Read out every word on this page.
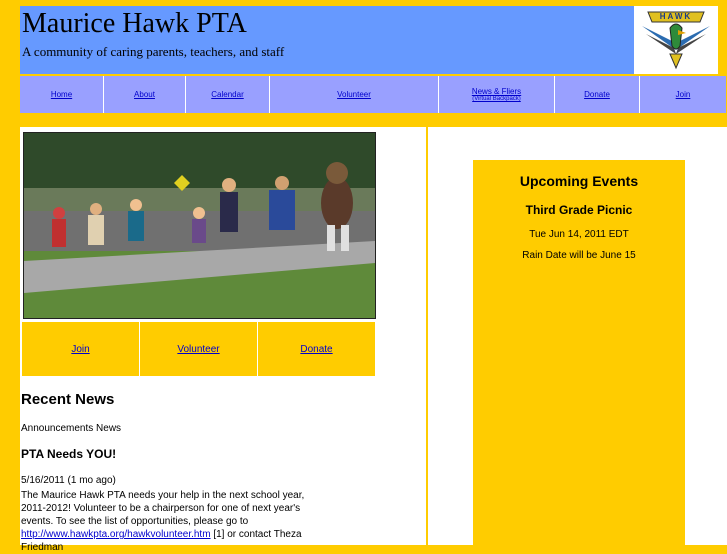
Maurice Hawk PTA
A community of caring parents, teachers, and staff
HAWK
Home	About	Calendar	Volunteer	News & Fliers
(Virtual Backpack)	Donate	Join
Join	Volunteer	Donate
Recent News
Announcements News
PTA Needs YOU!
5/16/2011 (1 mo ago)
The Maurice Hawk PTA needs your help in the next school year, 2011-2012! Volunteer to be a chairperson for one of next year's events. To see the list of opportunities, please go to http://www.hawkpta.org/hawkvolunteer.htm [1] or contact Theza Friedman
Upcoming Events
Third Grade Picnic
Tue Jun 14, 2011 EDT
Rain Date will be June 15
